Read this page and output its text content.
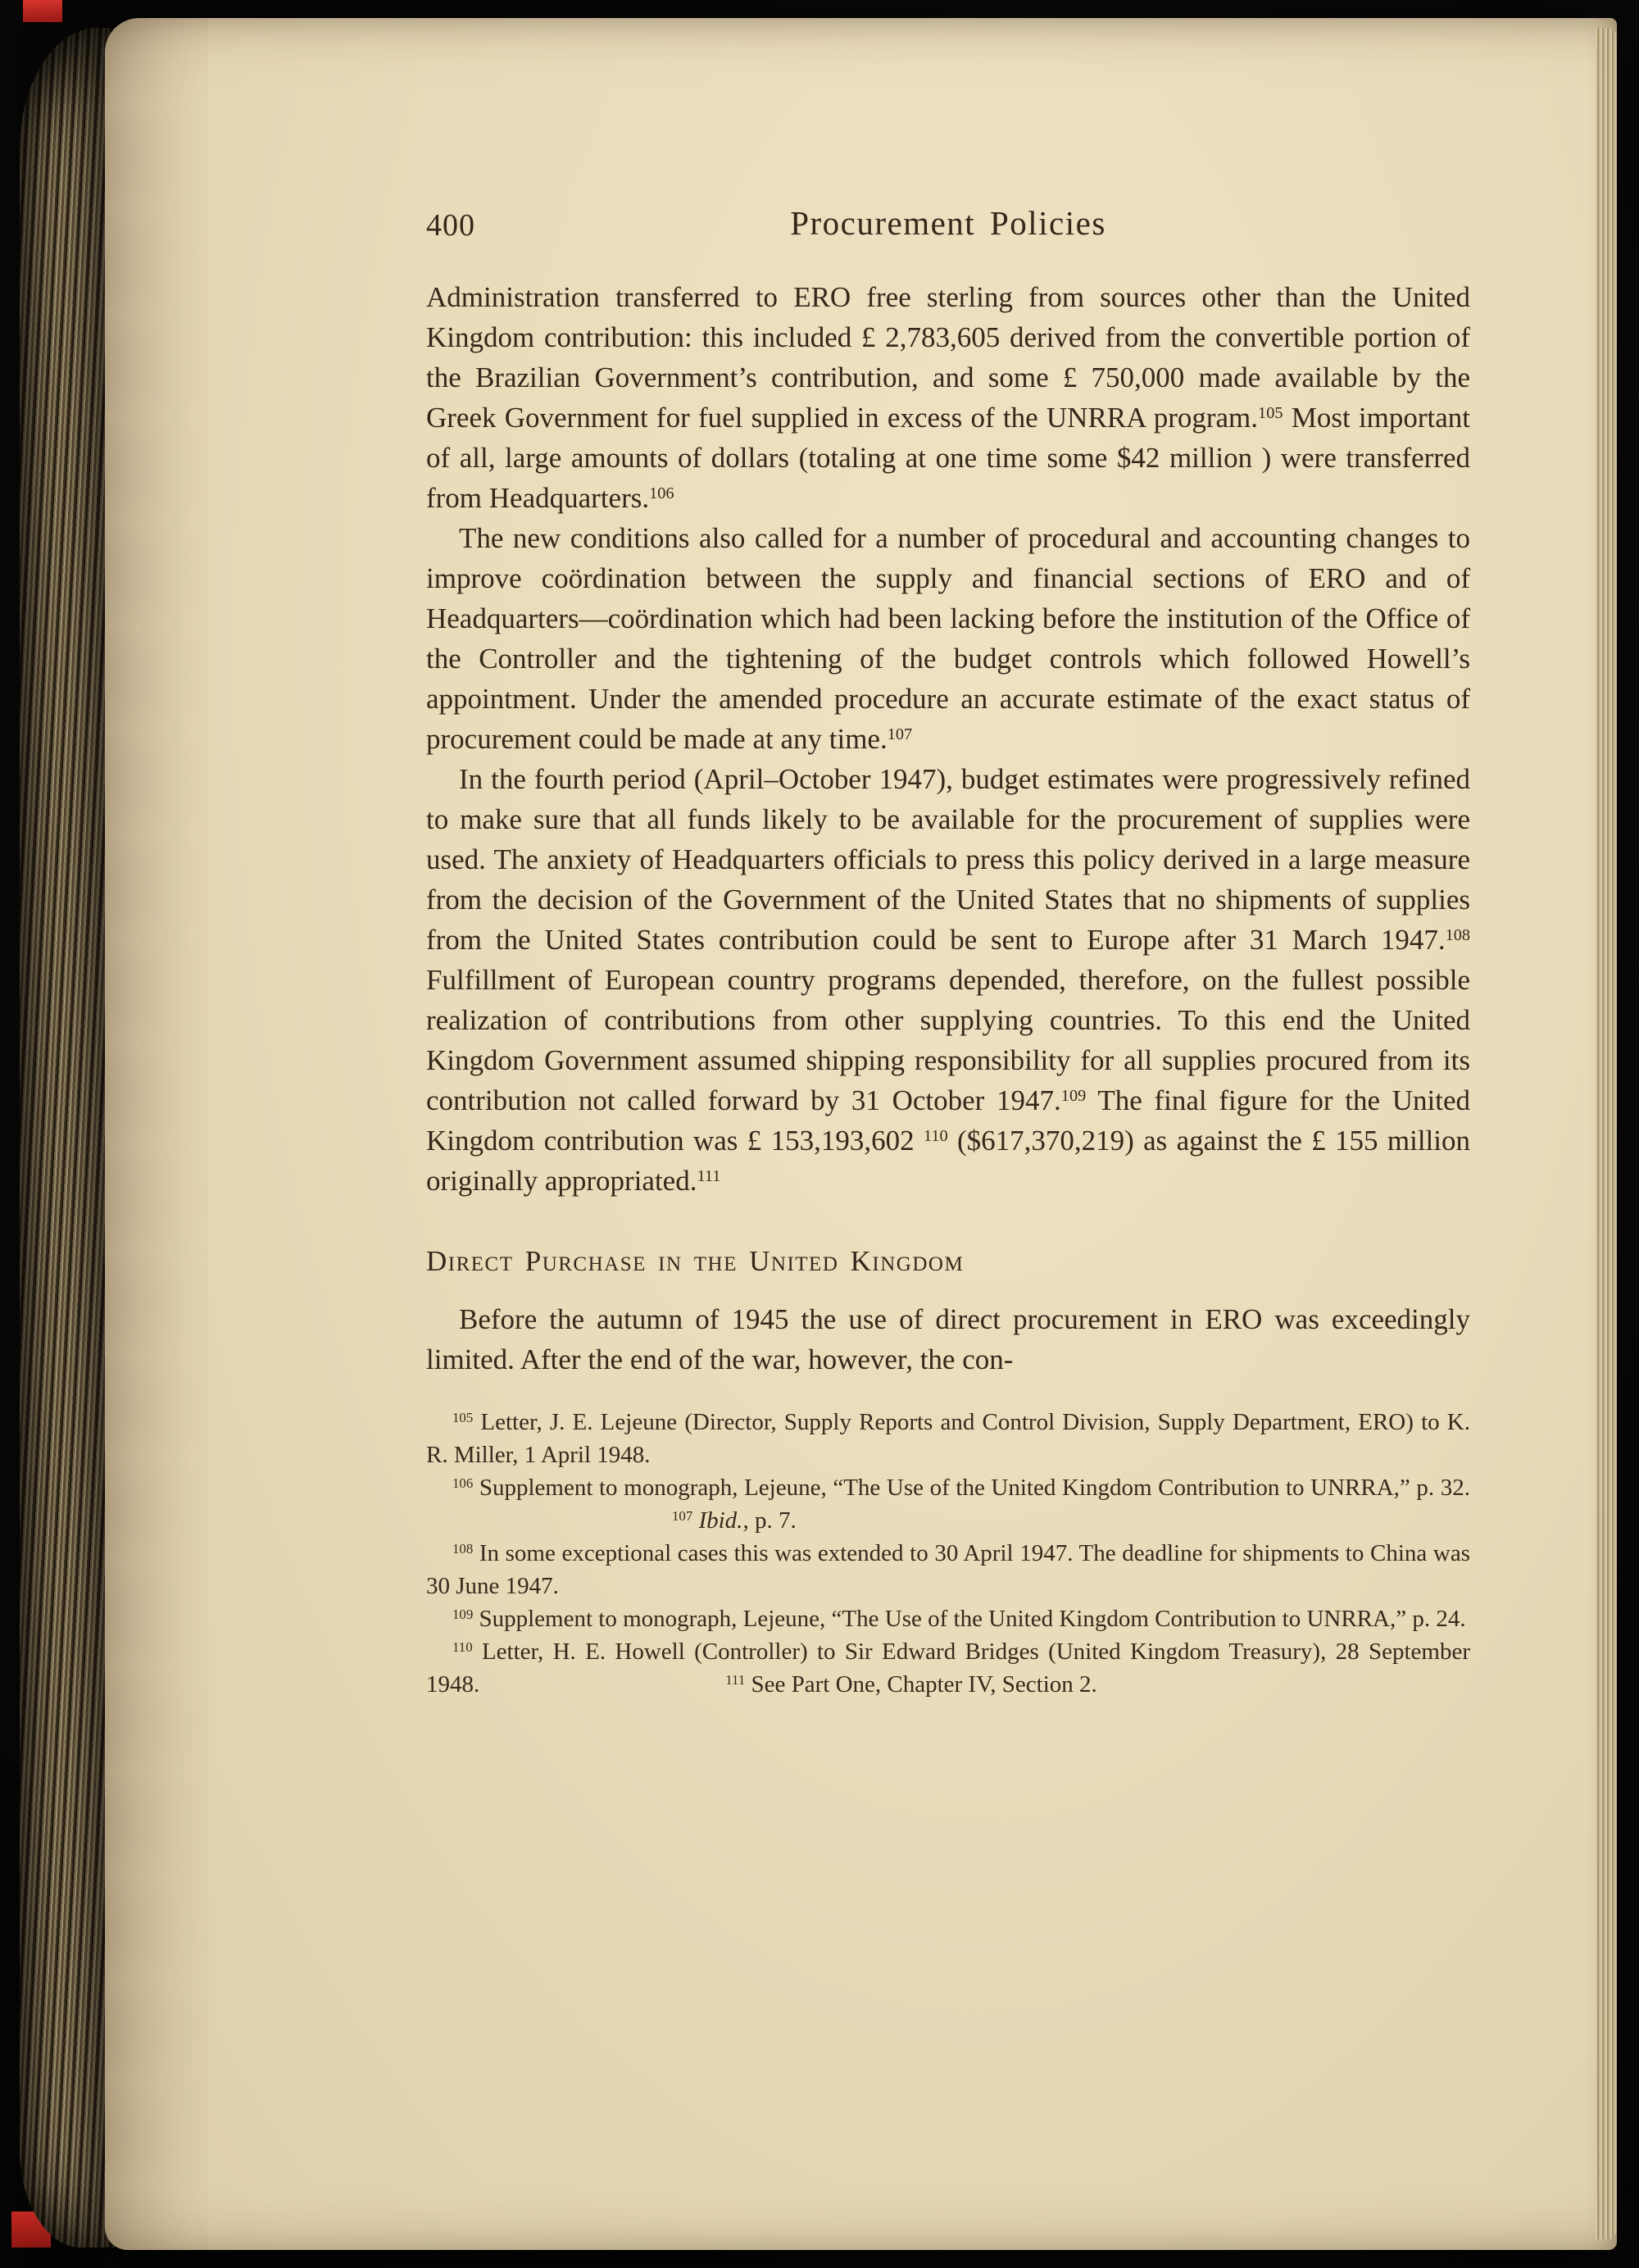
400	Procurement Policies

Administration transferred to ERO free sterling from sources other than the United Kingdom contribution: this included £ 2,783,605 derived from the convertible portion of the Brazilian Government’s contribution, and some £ 750,000 made available by the Greek Government for fuel supplied in excess of the UNRRA program.$^{105}$ Most important of all, large amounts of dollars (totaling at one time some $42 million ) were transferred from Headquarters.$^{106}$

The new conditions also called for a number of procedural and accounting changes to improve coördination between the supply and financial sections of ERO and of Headquarters—coördination which had been lacking before the institution of the Office of the Controller and the tightening of the budget controls which followed Howell’s appointment. Under the amended procedure an accurate estimate of the exact status of procurement could be made at any time.$^{107}$

In the fourth period (April–October 1947), budget estimates were progressively refined to make sure that all funds likely to be available for the procurement of supplies were used. The anxiety of Headquarters officials to press this policy derived in a large measure from the decision of the Government of the United States that no shipments of supplies from the United States contribution could be sent to Europe after 31 March 1947.$^{108}$ Fulfillment of European country programs depended, therefore, on the fullest possible realization of contributions from other supplying countries. To this end the United Kingdom Government assumed shipping responsibility for all supplies procured from its contribution not called forward by 31 October 1947.$^{109}$ The final figure for the United Kingdom contribution was £ 153,193,602 $^{110}$ ($617,370,219) as against the £ 155 million originally appropriated.$^{111}$

Direct Purchase in the United Kingdom

Before the autumn of 1945 the use of direct procurement in ERO was exceedingly limited. After the end of the war, however, the con-

$^{105}$ Letter, J. E. Lejeune (Director, Supply Reports and Control Division, Supply Department, ERO) to K. R. Miller, 1 April 1948.

$^{106}$ Supplement to monograph, Lejeune, “The Use of the United Kingdom Contribution to UNRRA,” p. 32.$^{107}$ Ibid., p. 7.

$^{108}$ In some exceptional cases this was extended to 30 April 1947. The deadline for shipments to China was 30 June 1947.

$^{109}$ Supplement to monograph, Lejeune, “The Use of the United Kingdom Contribution to UNRRA,” p. 24.

$^{110}$ Letter, H. E. Howell (Controller) to Sir Edward Bridges (United Kingdom Treasury), 28 September 1948.	$^{111}$ See Part One, Chapter IV, Section 2.
